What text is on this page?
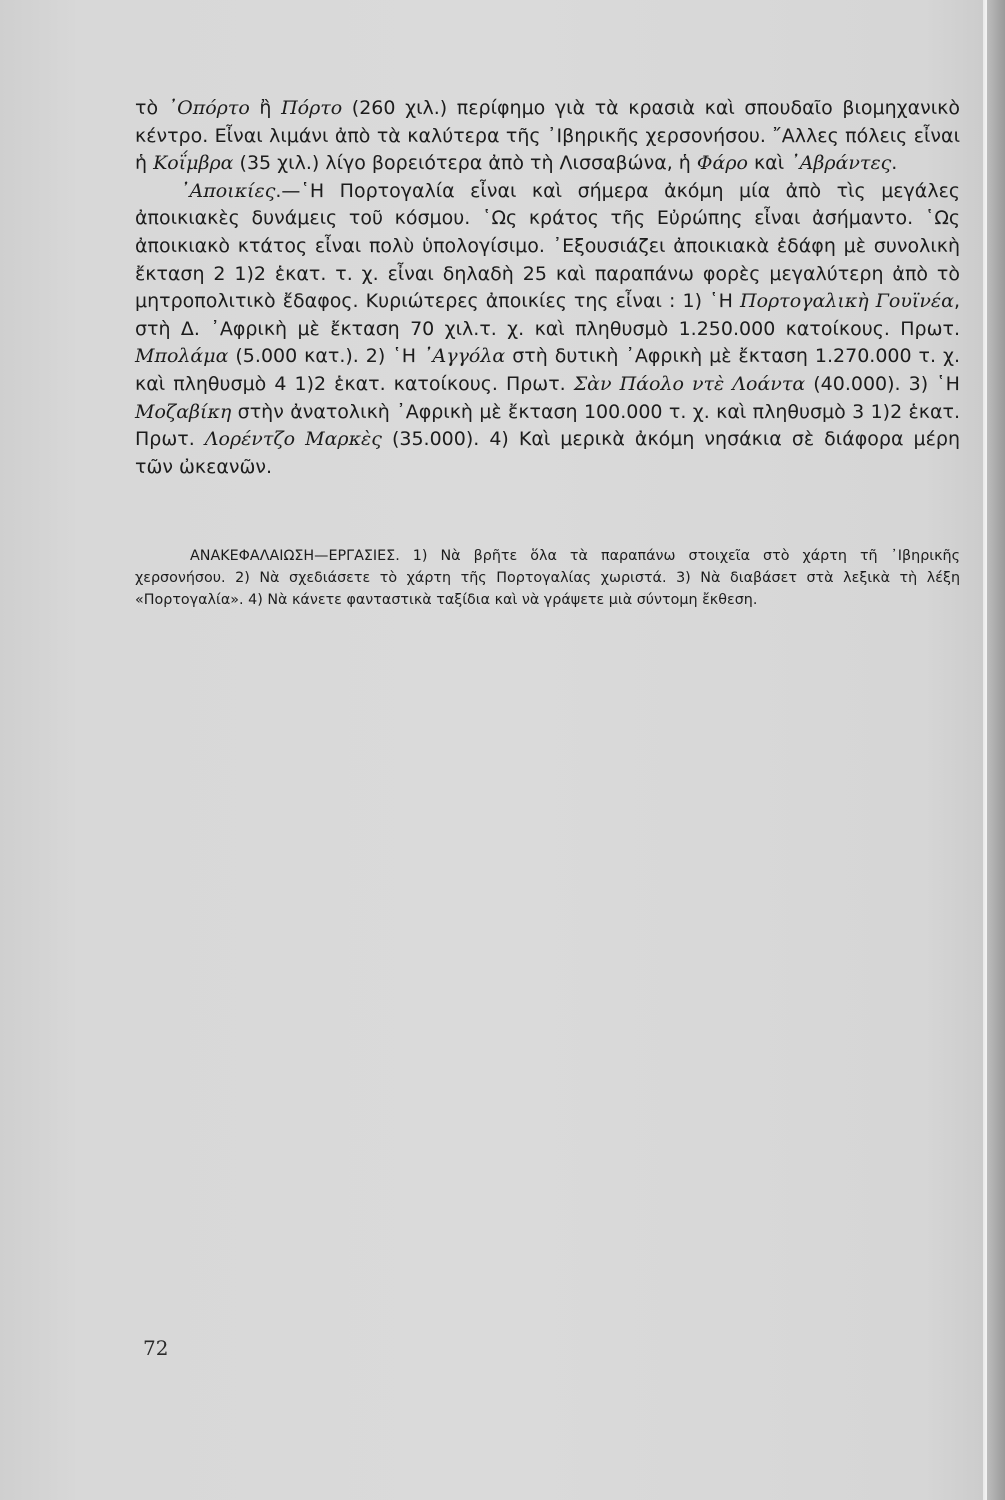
τὸ ᾿Οπόρτο ἢ Πόρτο (260 χιλ.) περίφημο γιὰ τὰ κρασιὰ καὶ σπουδαῖο βιομηχανικὸ κέντρο. Εἶναι λιμάνι ἀπὸ τὰ καλύτερα τῆς ᾿Ιβηρικῆς χερσονήσου. ῎Αλλες πόλεις εἶναι ἡ Κοΐμβρα (35 χιλ.) λίγο βορειότερα ἀπὸ τὴ Λισσαβώνα, ἡ Φάρο καὶ ᾿Αβράντες.

᾿Αποικίες.—῾Η Πορτογαλία εἶναι καὶ σήμερα ἀκόμη μία ἀπὸ τὶς μεγάλες ἀποικιακὲς δυνάμεις τοῦ κόσμου. ῾Ως κράτος τῆς Εὐρώπης εἶναι ἀσήμαντο. ῾Ως ἀποικιακὸ κτάτος εἶναι πολὺ ὑπολογίσιμο. ᾿Εξουσιάζει ἀποικιακὰ ἐδάφη μὲ συνολικὴ ἔκταση 2 1)2 ἑκατ. τ. χ. εἶναι δηλαδὴ 25 καὶ παραπάνω φορὲς μεγαλύτερη ἀπὸ τὸ μητροπολιτικὸ ἔδαφος. Κυριώτερες ἀποικίες της εἶναι : 1) ῾Η Πορτογαλικὴ Γουϊνέα, στὴ Δ. ᾿Αφρικὴ μὲ ἔκταση 70 χιλ.τ. χ. καὶ πληθυσμὸ 1.250.000 κατοίκους. Πρωτ. Μπολάμα (5.000 κατ.). 2) ῾Η ᾿Αγγόλα στὴ δυτικὴ ᾿Αφρικὴ μὲ ἔκταση 1.270.000 τ. χ. καὶ πληθυσμὸ 4 1)2 ἑκατ. κατοίκους. Πρωτ. Σὰν Πάολο ντὲ Λοάντα (40.000). 3) ῾Η Μοζαβίκη στὴν ἀνατολικὴ ᾿Αφρικὴ μὲ ἔκταση 100.000 τ. χ. καὶ πληθυσμὸ 3 1)2 ἑκατ. Πρωτ. Λορέντζο Μαρκὲς (35.000). 4) Καὶ μερικὰ ἀκόμη νησάκια σὲ διάφορα μέρη τῶν ὠκεανῶν.

ΑΝΑΚΕΦΑΛΑΙΩΣΗ—ΕΡΓΑΣΙΕΣ. 1) Νὰ βρῆτε ὅλα τὰ παραπάνω στοιχεῖα στὸ χάρτη τῆ ᾿Ιβηρικῆς χερσονήσου. 2) Νὰ σχεδιάσετε τὸ χάρτη τῆς Πορτογαλίας χωριστά. 3) Νὰ διαβάσετ στὰ λεξικὰ τὴ λέξη «Πορτογαλία». 4) Νὰ κάνετε φανταστικὰ ταξίδια καὶ νὰ γράψετε μιὰ σύντομη ἔκθεση.
72
